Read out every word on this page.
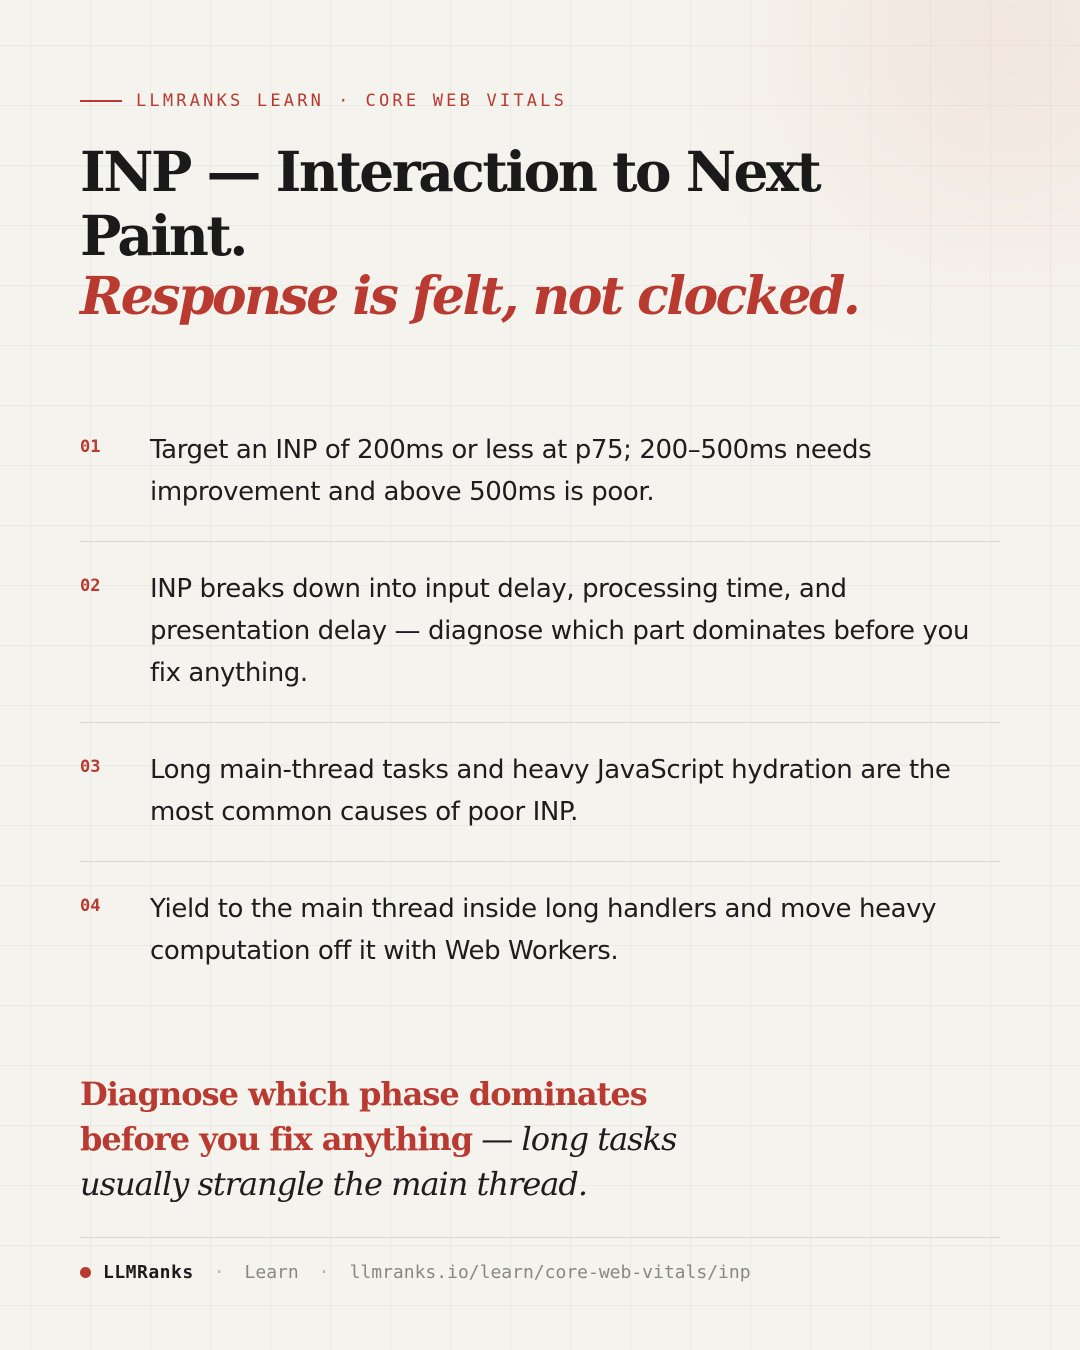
LLMRANKS LEARN · CORE WEB VITALS
INP — Interaction to Next Paint.
Response is felt, not clocked.
01	Target an INP of 200ms or less at p75; 200–500ms needs improvement and above 500ms is poor.
02	INP breaks down into input delay, processing time, and presentation delay — diagnose which part dominates before you fix anything.
03	Long main-thread tasks and heavy JavaScript hydration are the most common causes of poor INP.
04	Yield to the main thread inside long handlers and move heavy computation off it with Web Workers.
Diagnose which phase dominates before you fix anything — long tasks usually strangle the main thread.
LLMRanks · Learn · llmranks.io/learn/core-web-vitals/inp
